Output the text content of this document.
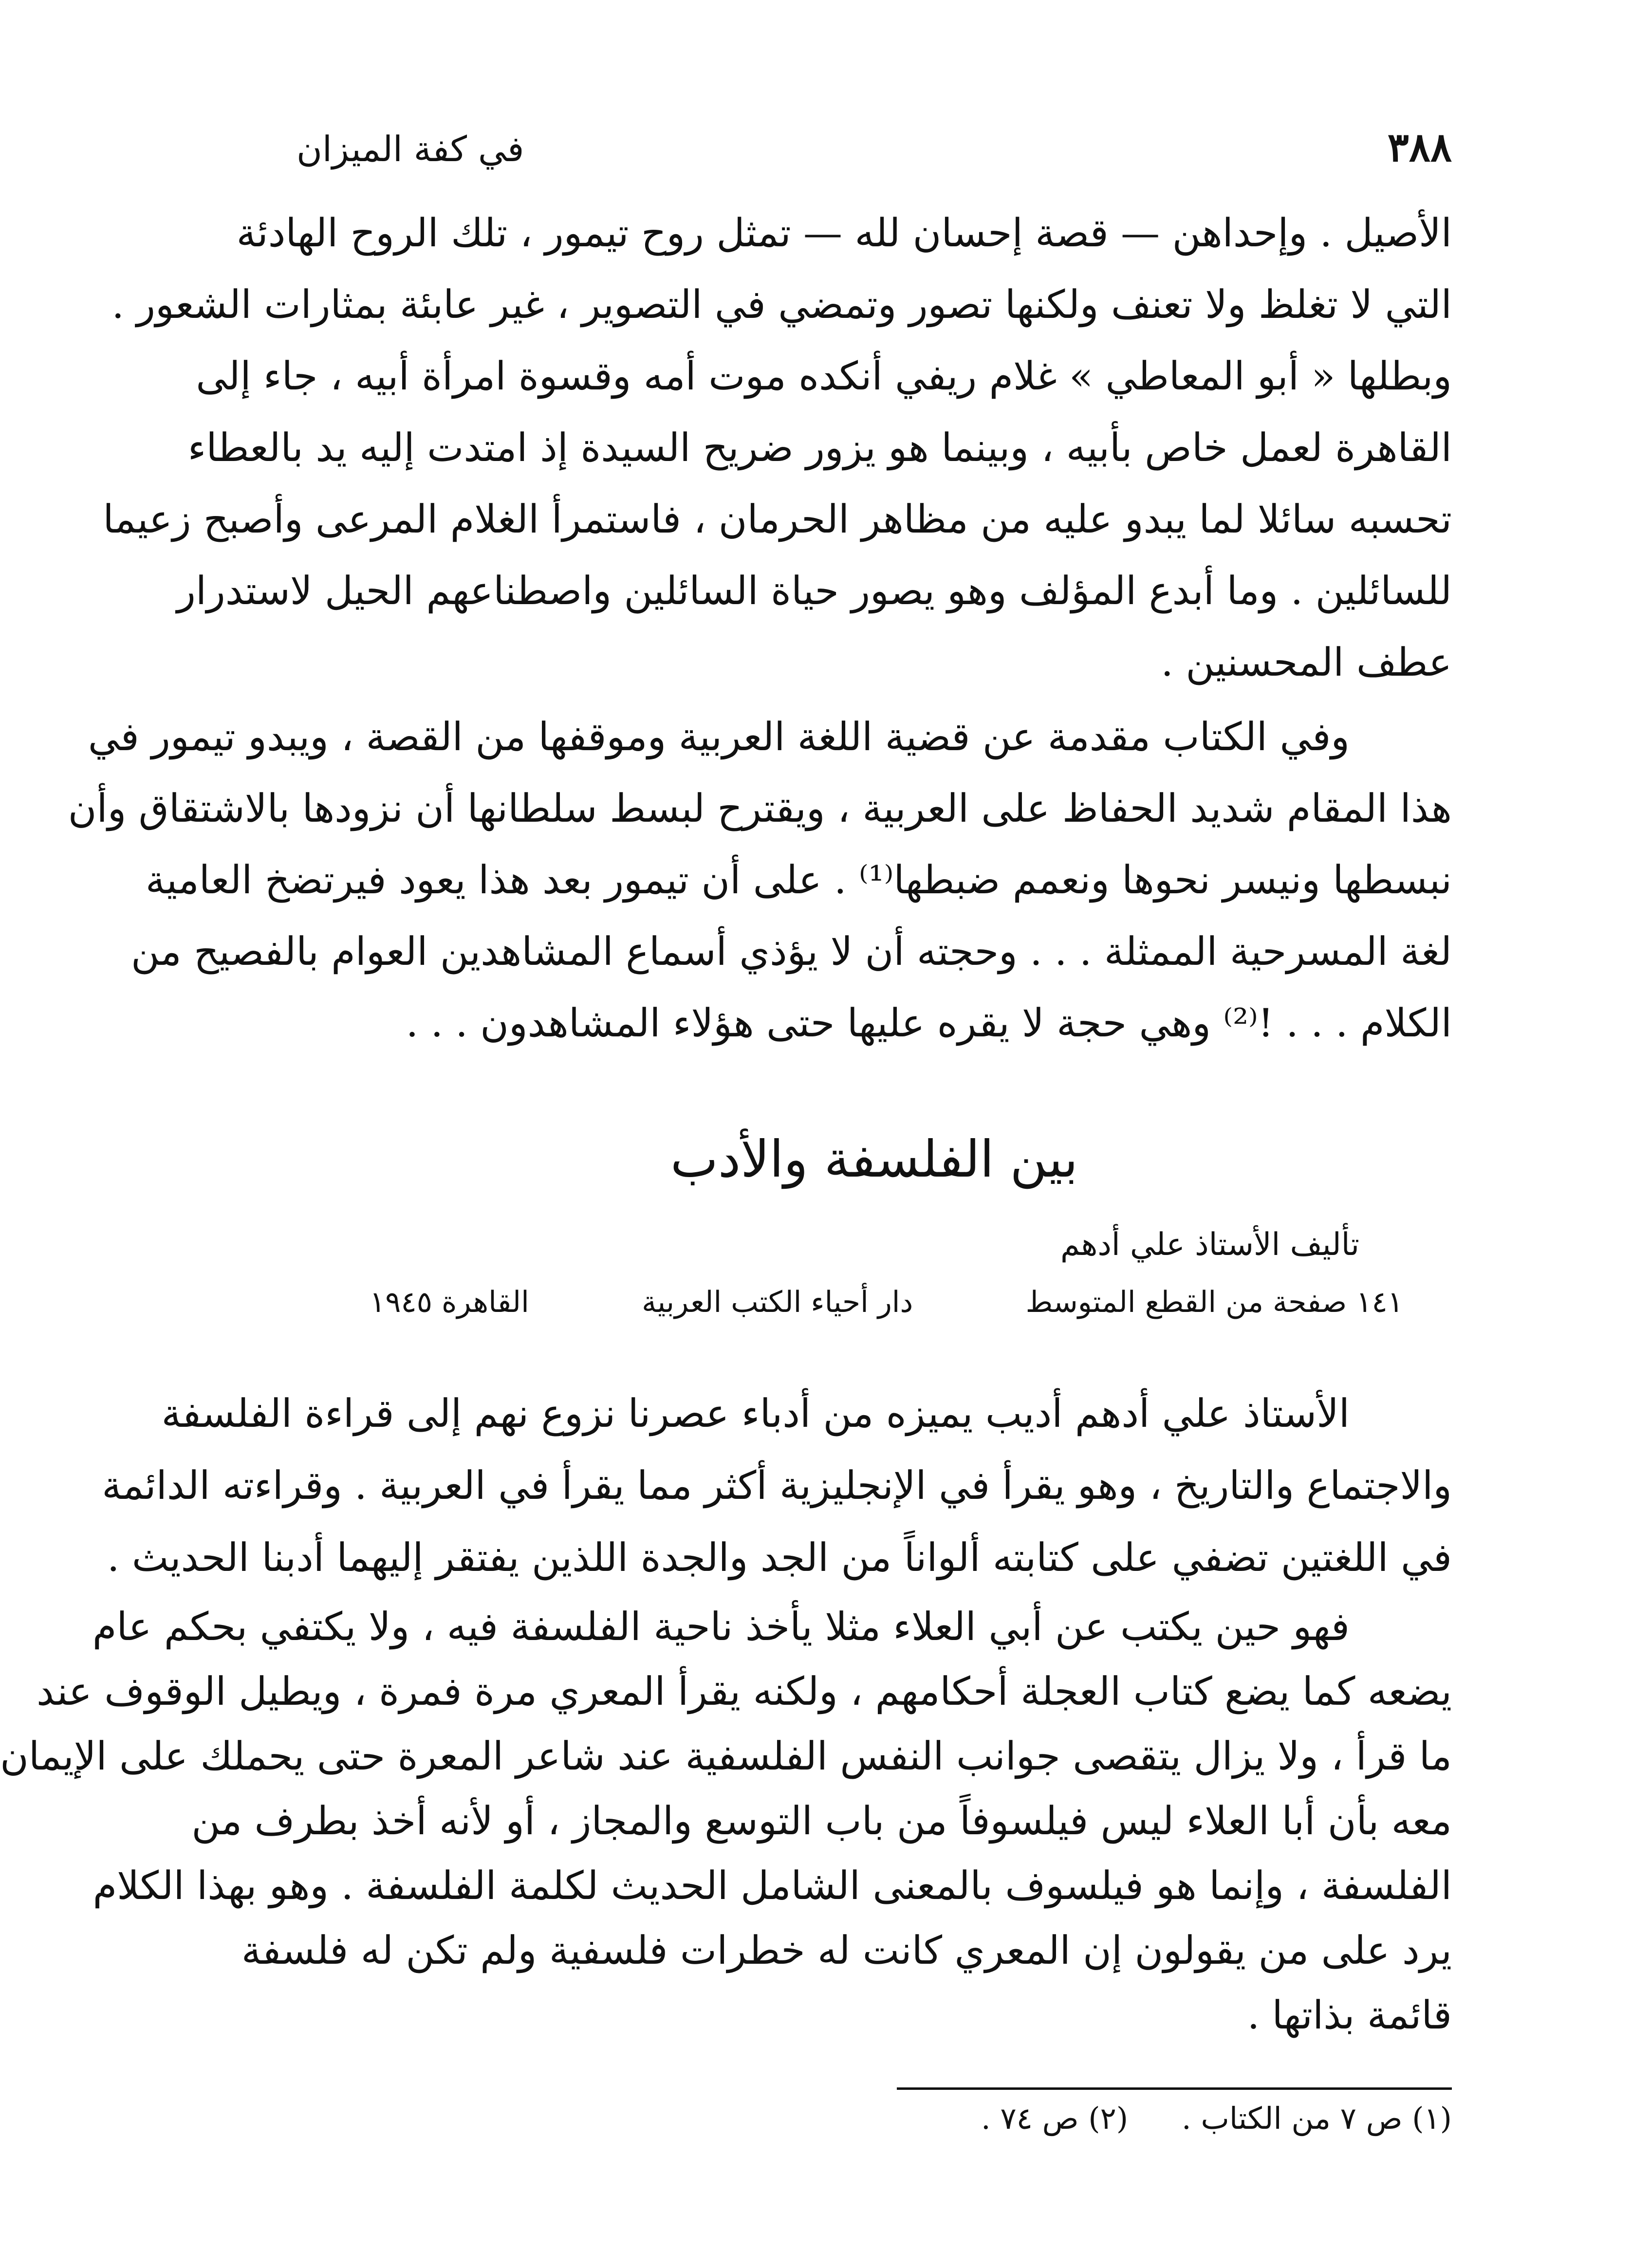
٣٨٨
في كفة الميزان
الأصيل . وإحداهن — قصة إحسان لله — تمثل روح تيمور ، تلك الروح الهادئة
التي لا تغلظ ولا تعنف ولكنها تصور وتمضي في التصوير ، غير عابئة بمثارات الشعور .
وبطلها « أبو المعاطي » غلام ريفي أنكده موت أمه وقسوة امرأة أبيه ، جاء إلى
القاهرة لعمل خاص بأبيه ، وبينما هو يزور ضريح السيدة إذ امتدت إليه يد بالعطاء
تحسبه سائلا لما يبدو عليه من مظاهر الحرمان ، فاستمرأ الغلام المرعى وأصبح زعيما
للسائلين . وما أبدع المؤلف وهو يصور حياة السائلين واصطناعهم الحيل لاستدرار
عطف المحسنين .
وفي الكتاب مقدمة عن قضية اللغة العربية وموقفها من القصة ، ويبدو تيمور في
هذا المقام شديد الحفاظ على العربية ، ويقترح لبسط سلطانها أن نزودها بالاشتقاق وأن
نبسطها ونيسر نحوها ونعمم ضبطها⁽¹⁾ . على أن تيمور بعد هذا يعود فيرتضخ العامية
لغة المسرحية الممثلة . . . وحجته أن لا يؤذي أسماع المشاهدين العوام بالفصيح من
الكلام . . . !⁽²⁾ وهي حجة لا يقره عليها حتى هؤلاء المشاهدون . . .
بين الفلسفة والأدب
تأليف الأستاذ علي أدهم
١٤١ صفحة من القطع المتوسط
دار أحياء الكتب العربية
القاهرة ١٩٤٥
الأستاذ علي أدهم أديب يميزه من أدباء عصرنا نزوع نهم إلى قراءة الفلسفة
والاجتماع والتاريخ ، وهو يقرأ في الإنجليزية أكثر مما يقرأ في العربية . وقراءته الدائمة
في اللغتين تضفي على كتابته ألواناً من الجد والجدة اللذين يفتقر إليهما أدبنا الحديث .
فهو حين يكتب عن أبي العلاء مثلا يأخذ ناحية الفلسفة فيه ، ولا يكتفي بحكم عام
يضعه كما يضع كتاب العجلة أحكامهم ، ولكنه يقرأ المعري مرة فمرة ، ويطيل الوقوف عند
ما قرأ ، ولا يزال يتقصى جوانب النفس الفلسفية عند شاعر المعرة حتى يحملك على الإيمان
معه بأن أبا العلاء ليس فيلسوفاً من باب التوسع والمجاز ، أو لأنه أخذ بطرف من
الفلسفة ، وإنما هو فيلسوف بالمعنى الشامل الحديث لكلمة الفلسفة . وهو بهذا الكلام
يرد على من يقولون إن المعري كانت له خطرات فلسفية ولم تكن له فلسفة
قائمة بذاتها .
(١) ص ٧ من الكتاب .
(٢) ص ٧٤ .
